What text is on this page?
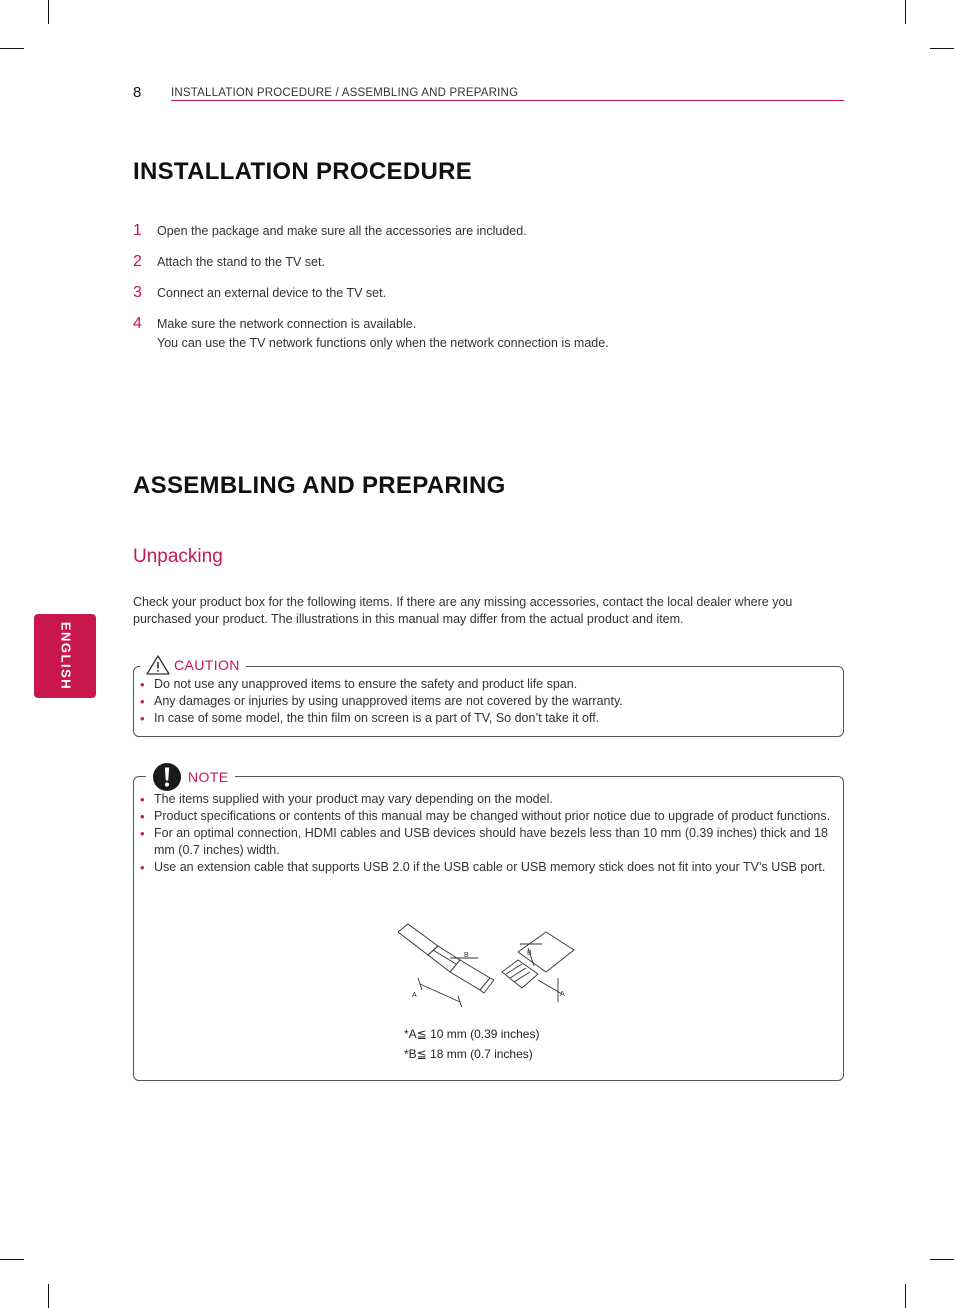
8	INSTALLATION PROCEDURE / ASSEMBLING AND PREPARING
ENGLISH
INSTALLATION PROCEDURE
1 Open the package and make sure all the accessories are included.
2 Attach the stand to the TV set.
3 Connect an external device to the TV set.
4 Make sure the network connection is available.
You can use the TV network functions only when the network connection is made.
ASSEMBLING AND PREPARING
Unpacking
Check your product box for the following items. If there are any missing accessories, contact the local dealer where you purchased your product. The illustrations in this manual may differ from the actual product and item.
CAUTION
• Do not use any unapproved items to ensure the safety and product life span.
• Any damages or injuries by using unapproved items are not covered by the warranty.
• In case of some model, the thin film on screen is a part of TV, So don’t take it off.
NOTE
• The items supplied with your product may vary depending on the model.
• Product specifications or contents of this manual may be changed without prior notice due to upgrade of product functions.
• For an optimal connection, HDMI cables and USB devices should have bezels less than 10 mm (0.39 inches) thick and 18 mm (0.7 inches) width.
• Use an extension cable that supports USB 2.0 if the USB cable or USB memory stick does not fit into your TV’s USB port.
A
B	B
A
*A≦ 10 mm (0.39 inches)
*B≦ 18 mm (0.7 inches)
